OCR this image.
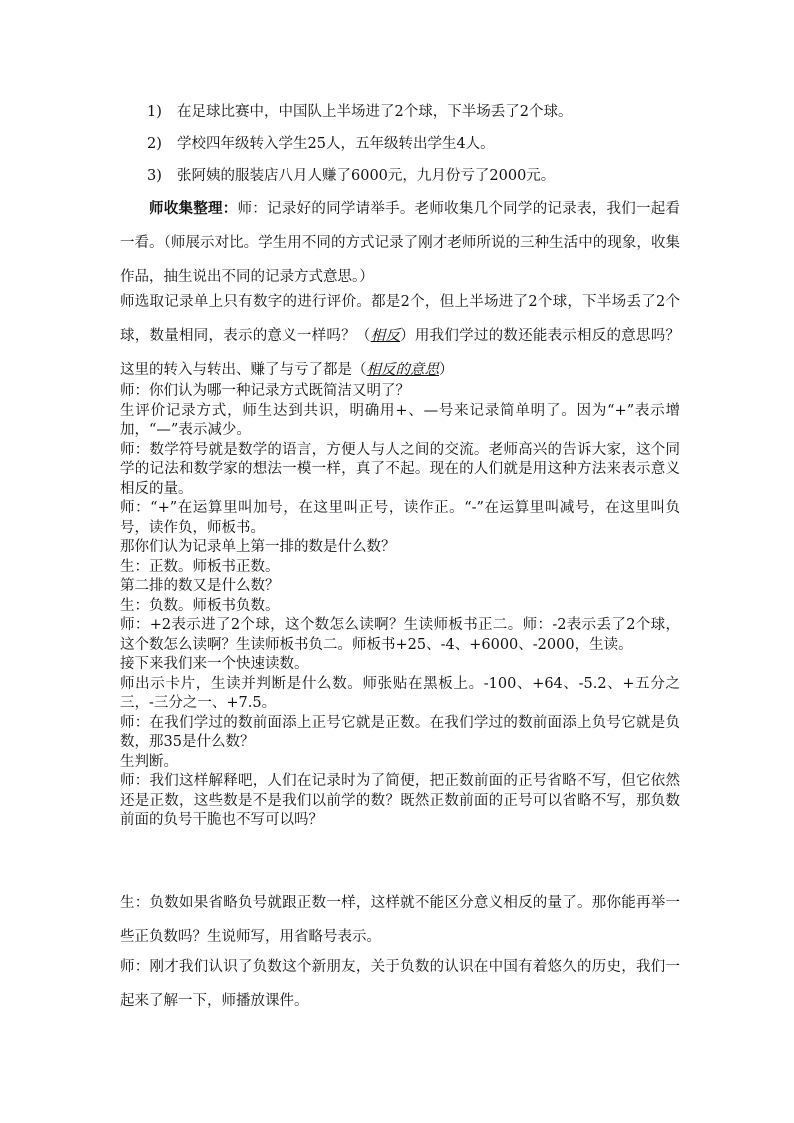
1) 在足球比赛中，中国队上半场进了2个球，下半场丢了2个球。
2) 学校四年级转入学生25人，五年级转出学生4人。
3) 张阿姨的服装店八月人赚了6000元，九月份亏了2000元。

师收集整理：师：记录好的同学请举手。老师收集几个同学的记录表，我们一起看一看。（师展示对比。学生用不同的方式记录了刚才老师所说的三种生活中的现象，收集作品，抽生说出不同的记录方式意思。）

师选取记录单上只有数字的进行评价。都是2个，但上半场进了2个球，下半场丢了2个球，数量相同，表示的意义一样吗？（相反）用我们学过的数还能表示相反的意思吗？这里的转入与转出、赚了与亏了都是（相反的意思）

师：你们认为哪一种记录方式既简洁又明了？
生评价记录方式，师生达到共识，明确用+、—号来记录简单明了。因为“+”表示增加，“—”表示减少。
师：数学符号就是数学的语言，方便人与人之间的交流。老师高兴的告诉大家，这个同学的记法和数学家的想法一模一样，真了不起。现在的人们就是用这种方法来表示意义相反的量。
师：“+”在运算里叫加号，在这里叫正号，读作正。“-”在运算里叫减号，在这里叫负号，读作负，师板书。
那你们认为记录单上第一排的数是什么数？
生：正数。师板书正数。
第二排的数又是什么数？
生：负数。师板书负数。
师：+2表示进了2个球，这个数怎么读啊？生读师板书正二。师：-2表示丢了2个球，这个数怎么读啊？生读师板书负二。师板书+25、-4、+6000、-2000，生读。
接下来我们来一个快速读数。
师出示卡片，生读并判断是什么数。师张贴在黑板上。-100、+64、-5.2、+五分之三，-三分之一、+7.5。
师：在我们学过的数前面添上正号它就是正数。在我们学过的数前面添上负号它就是负数，那35是什么数？
生判断。
师：我们这样解释吧，人们在记录时为了简便，把正数前面的正号省略不写，但它依然还是正数，这些数是不是我们以前学的数？既然正数前面的正号可以省略不写，那负数前面的负号干脆也不写可以吗？

生：负数如果省略负号就跟正数一样，这样就不能区分意义相反的量了。那你能再举一些正负数吗？生说师写，用省略号表示。

师：刚才我们认识了负数这个新朋友，关于负数的认识在中国有着悠久的历史，我们一起来了解一下，师播放课件。
